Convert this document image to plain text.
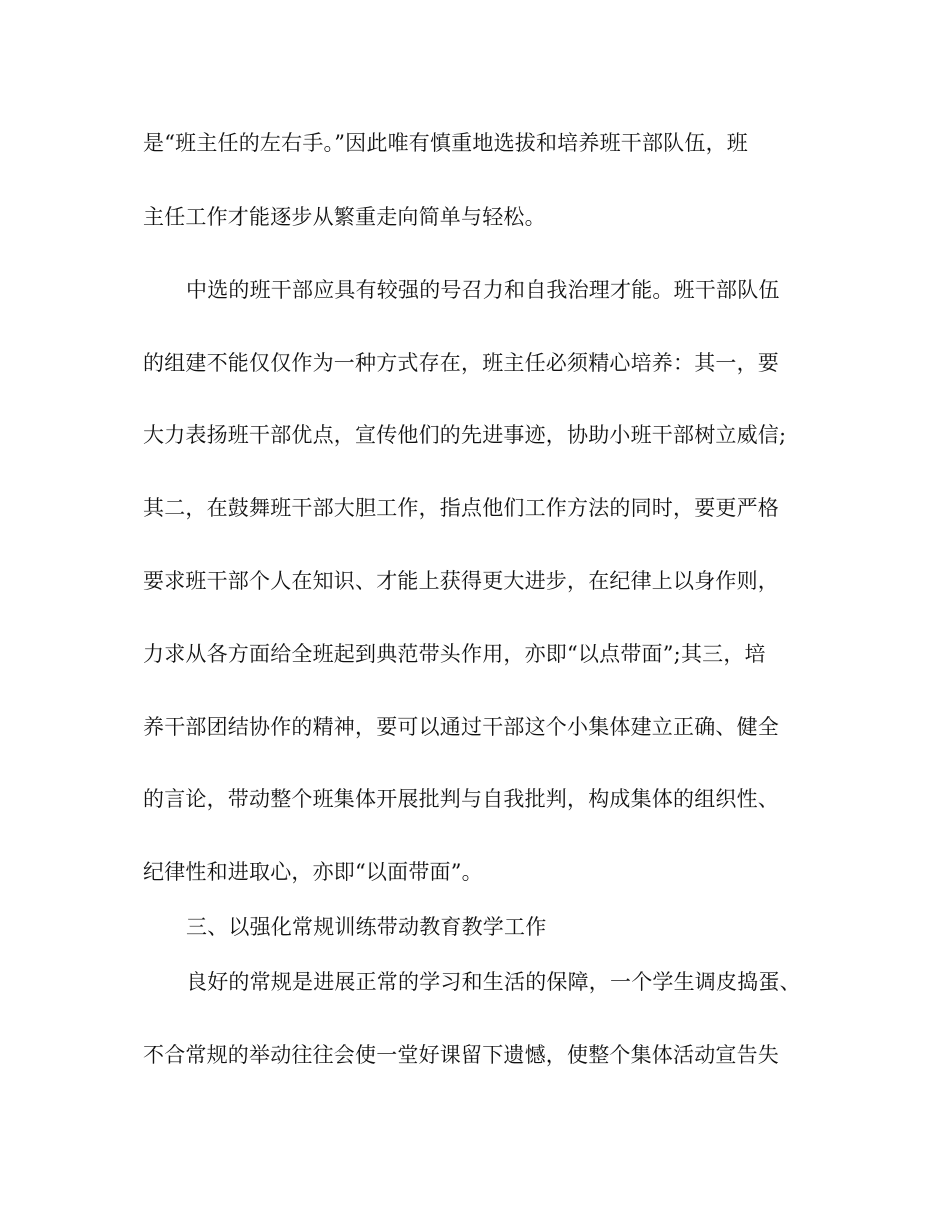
是“班主任的左右手。”因此唯有慎重地选拔和培养班干部队伍，班
主任工作才能逐步从繁重走向简单与轻松。
中选的班干部应具有较强的号召力和自我治理才能。班干部队伍
的组建不能仅仅作为一种方式存在，班主任必须精心培养：其一，要
大力表扬班干部优点，宣传他们的先进事迹，协助小班干部树立威信;
其二，在鼓舞班干部大胆工作，指点他们工作方法的同时，要更严格
要求班干部个人在知识、才能上获得更大进步，在纪律上以身作则，
力求从各方面给全班起到典范带头作用，亦即“以点带面”;其三，培
养干部团结协作的精神，要可以通过干部这个小集体建立正确、健全
的言论，带动整个班集体开展批判与自我批判，构成集体的组织性、
纪律性和进取心，亦即“以面带面”。
三、以强化常规训练带动教育教学工作
良好的常规是进展正常的学习和生活的保障，一个学生调皮捣蛋、
不合常规的举动往往会使一堂好课留下遗憾，使整个集体活动宣告失
